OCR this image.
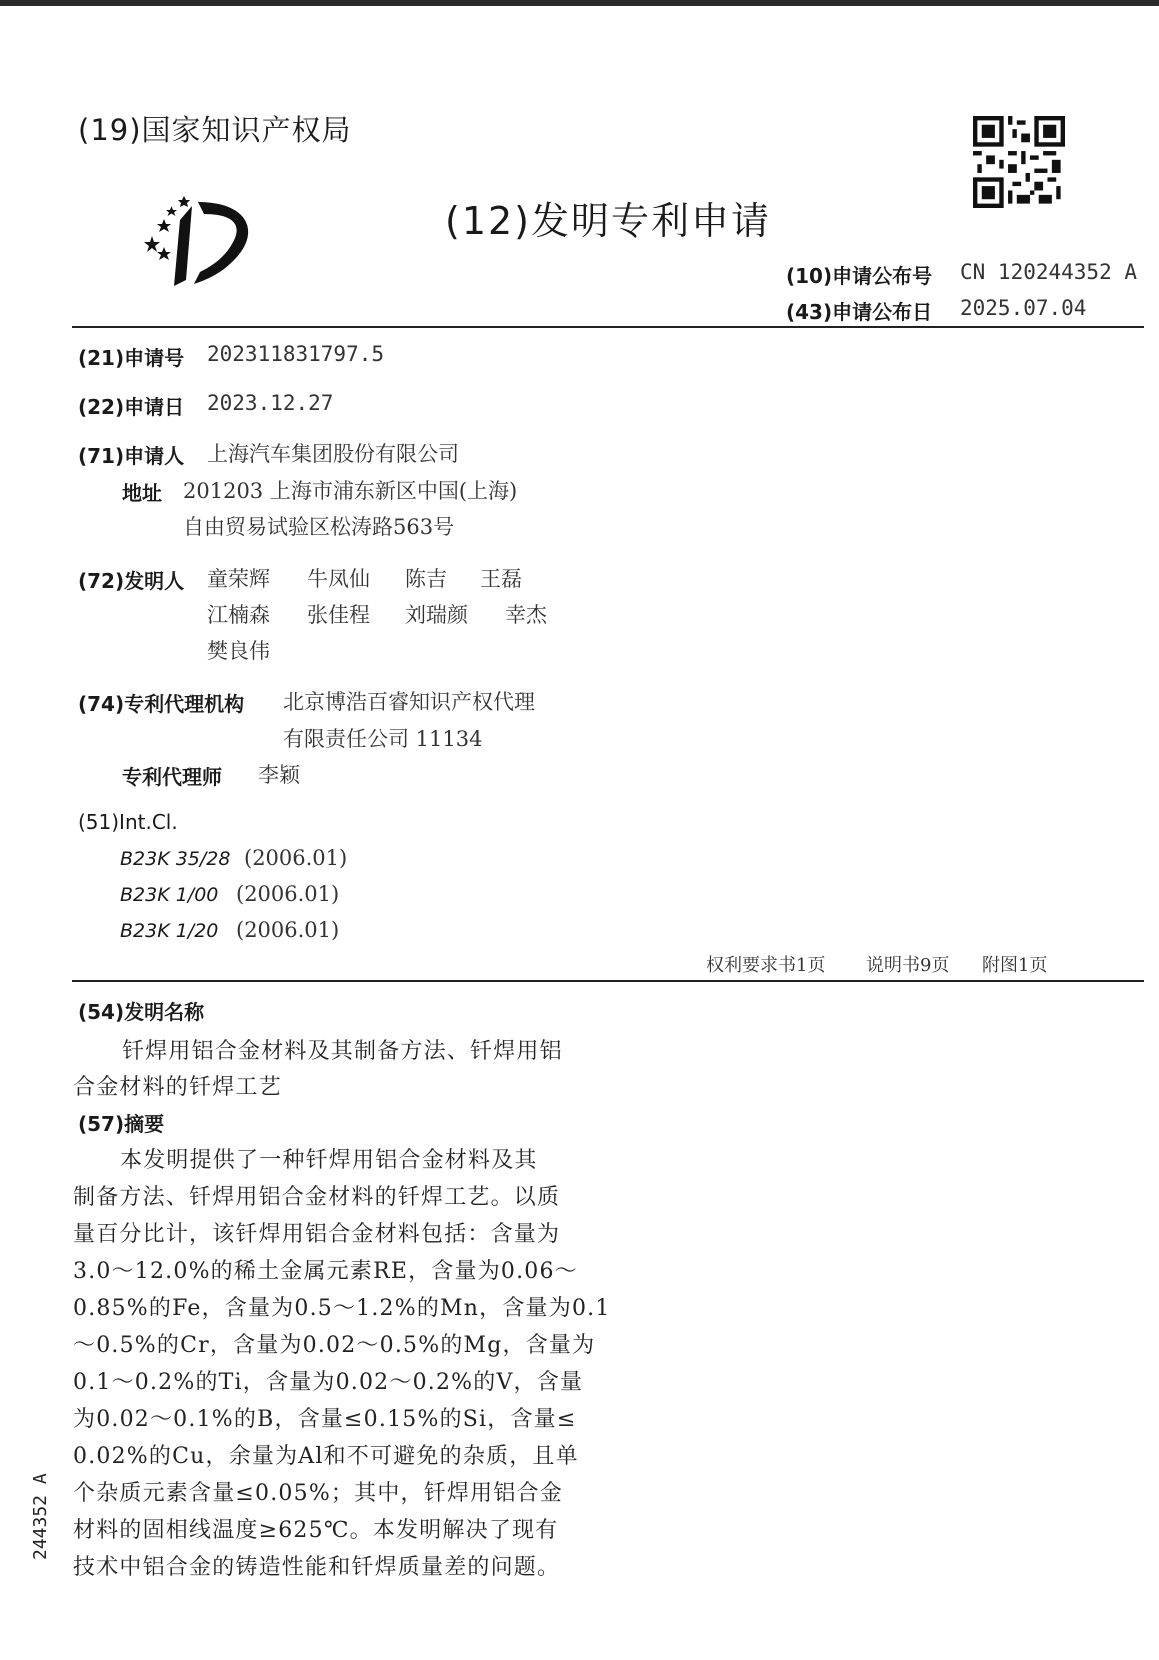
(19)国家知识产权局
(12)发明专利申请
(10)申请公布号 CN 120244352 A
(43)申请公布日 2025.07.04
(21)申请号 202311831797.5
(22)申请日 2023.12.27
(71)申请人 上海汽车集团股份有限公司
地址 201203 上海市浦东新区中国(上海)
自由贸易试验区松涛路563号
(72)发明人 童荣辉 牛凤仙 陈吉 王磊
江楠森 张佳程 刘瑞颜 幸杰
樊良伟
(74)专利代理机构 北京博浩百睿知识产权代理
有限责任公司 11134
专利代理师 李颖
(51)Int.Cl.
B23K 35/28 (2006.01)
B23K 1/00 (2006.01)
B23K 1/20 (2006.01)
权利要求书1页 说明书9页 附图1页
(54)发明名称
钎焊用铝合金材料及其制备方法、钎焊用铝
合金材料的钎焊工艺
(57)摘要
本发明提供了一种钎焊用铝合金材料及其
制备方法、钎焊用铝合金材料的钎焊工艺。以质
量百分比计，该钎焊用铝合金材料包括：含量为
3.0～12.0%的稀土金属元素RE，含量为0.06～
0.85%的Fe，含量为0.5～1.2%的Mn，含量为0.1
～0.5%的Cr，含量为0.02～0.5%的Mg，含量为
0.1～0.2%的Ti，含量为0.02～0.2%的V，含量
为0.02～0.1%的B，含量≤0.15%的Si，含量≤
0.02%的Cu，余量为Al和不可避免的杂质，且单
个杂质元素含量≤0.05%；其中，钎焊用铝合金
材料的固相线温度≥625℃。本发明解决了现有
技术中铝合金的铸造性能和钎焊质量差的问题。
244352 A
